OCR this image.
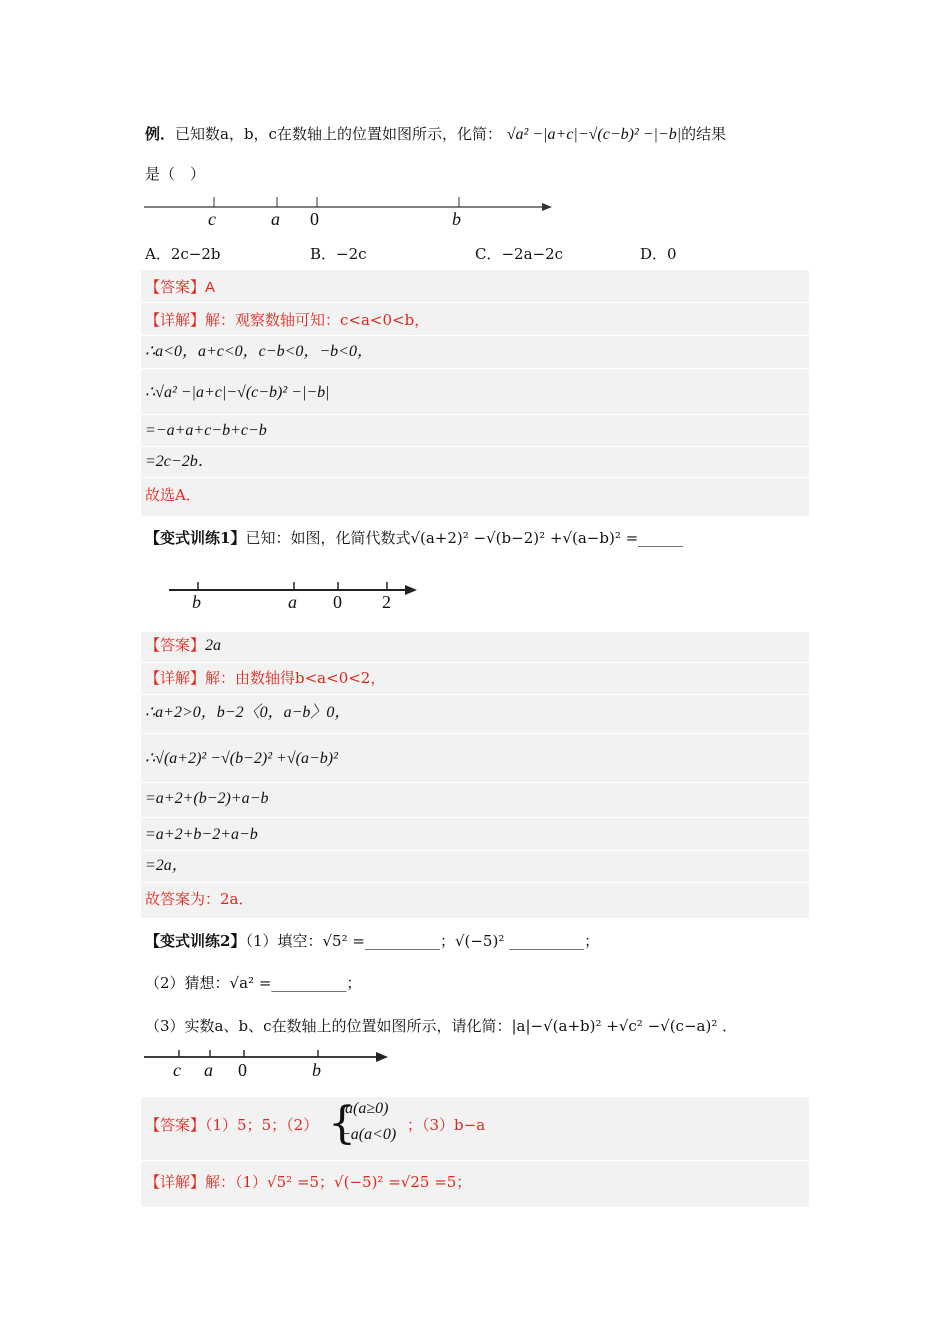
例．已知数a，b，c在数轴上的位置如图所示，化简： √a² −|a+c|−√(c−b)² −|−b|的结果
是（　）
c	a 0	b
A．2c−2b	B．−2c	C．−2a−2c	D．0
【答案】A
【详解】解：观察数轴可知：c<a<0<b，
∴a<0，a+c<0，c−b<0，−b<0，
∴√a² −|a+c|−√(c−b)² −|−b|
=−a+a+c−b+c−b
=2c−2b．
故选A．
【变式训练1】已知：如图，化简代数式√(a+2)² −√(b−2)² +√(a−b)² =______
b	a 0 2
【答案】2a
【详解】解：由数轴得b<a<0<2，
∴a+2>0，b−2〈0，a−b〉0，
∴√(a+2)² −√(b−2)² +√(a−b)²
=a+2+(b−2)+a−b
=a+2+b−2+a−b
=2a，
故答案为：2a．
【变式训练2】（1）填空：√5² =__________；√(−5)² __________；
（2）猜想：√a² =__________；
（3）实数a、b、c在数轴上的位置如图所示，请化简：|a|−√(a+b)² +√c² −√(c−a)² ．
c a 0	b
【答案】（1）5；5；（2） {
a(a≥0)
−a(a<0)
；（3）b−a
【详解】解：（1）√5² =5；√(−5)² =√25 =5；
